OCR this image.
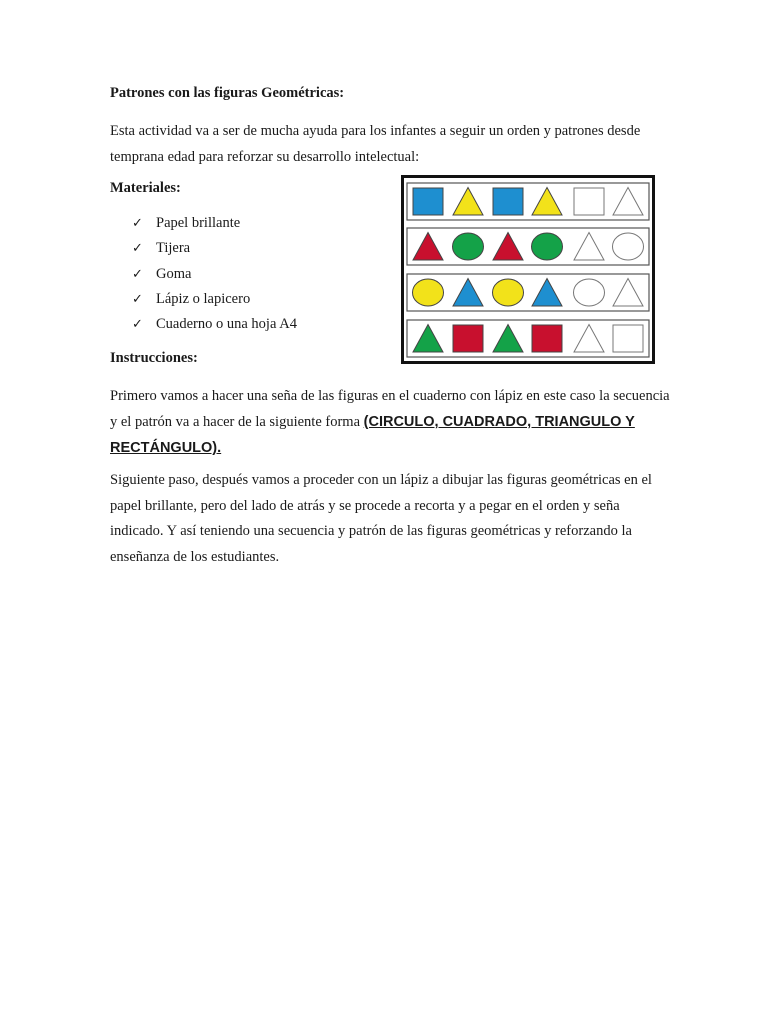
Patrones con las figuras Geométricas:

Esta actividad va a ser de mucha ayuda para los infantes a seguir un orden y patrones desde temprana edad para reforzar su desarrollo intelectual:

Materiales:
✓ Papel brillante
✓ Tijera
✓ Goma
✓ Lápiz o lapicero
✓ Cuaderno o una hoja A4
Instrucciones:

Primero vamos a hacer una seña de las figuras en el cuaderno con lápiz en este caso la secuencia y el patrón va a hacer de la siguiente forma (CIRCULO, CUADRADO, TRIANGULO Y RECTÁNGULO).

Siguiente paso, después vamos a proceder con un lápiz a dibujar las figuras geométricas en el papel brillante, pero del lado de atrás y se procede a recorta y a pegar en el orden y seña indicado. Y así teniendo una secuencia y patrón de las figuras geométricas y reforzando la enseñanza de los estudiantes.
